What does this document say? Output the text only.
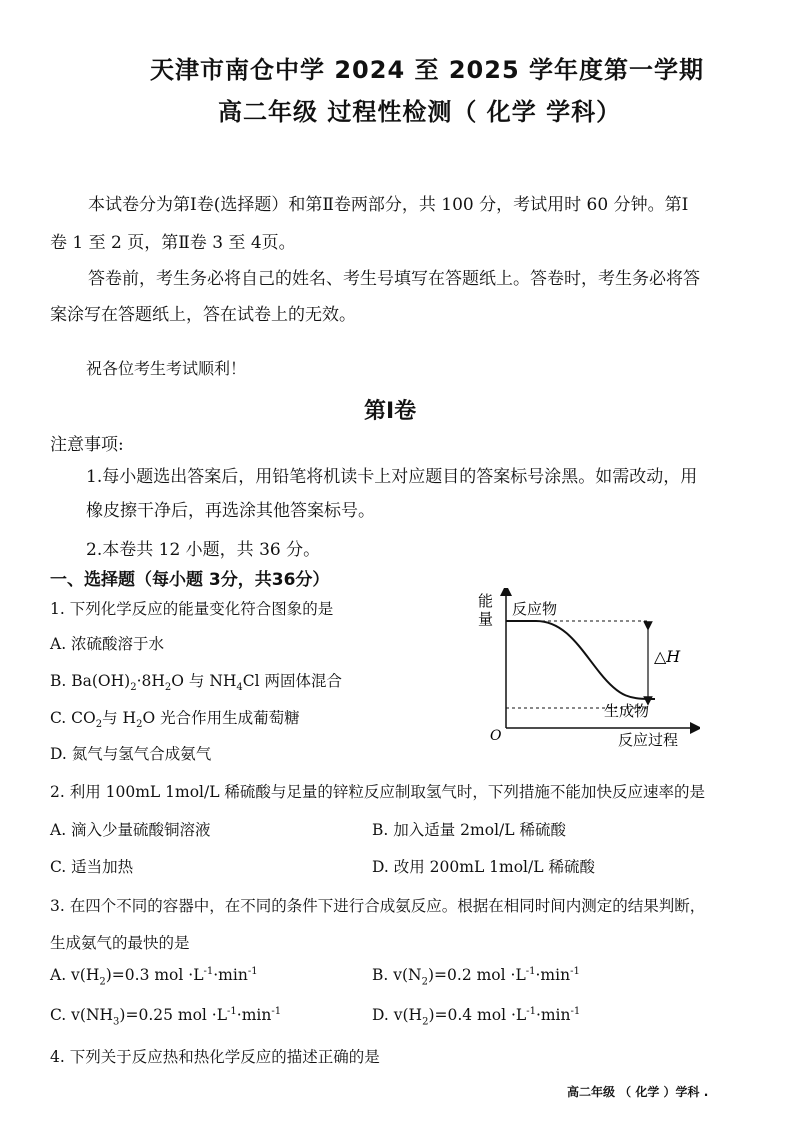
天津市南仓中学 2024 至 2025 学年度第一学期
高二年级 过程性检测（ 化学 学科）
本试卷分为第Ⅰ卷(选择题）和第Ⅱ卷两部分，共 100 分，考试用时 60 分钟。第Ⅰ
卷 1 至 2 页，第Ⅱ卷 3 至 4页。
答卷前，考生务必将自己的姓名、考生号填写在答题纸上。答卷时，考生务必将答
案涂写在答题纸上，答在试卷上的无效。
祝各位考生考试顺利！
第Ⅰ卷
注意事项:
1.每小题选出答案后，用铅笔将机读卡上对应题目的答案标号涂黑。如需改动，用
橡皮擦干净后，再选涂其他答案标号。
2.本卷共 12 小题，共 36 分。
一、选择题（每小题 3分，共36分）
1. 下列化学反应的能量变化符合图象的是
A. 浓硫酸溶于水
B. $Ba(OH)_2\cdot 8H_2O$ 与 $NH_4Cl$ 两固体混合
C. $CO_2$与 $H_2O$ 光合作用生成葡萄糖
D. 氮气与氢气合成氨气
能
量
反应物
生成物
△H
O	反应过程
2. 利用 100mL 1mol/L 稀硫酸与足量的锌粒反应制取氢气时，下列措施不能加快反应速率的是
A. 滴入少量硫酸铜溶液	B. 加入适量 2mol/L 稀硫酸
C. 适当加热	D. 改用 200mL 1mol/L 稀硫酸
3. 在四个不同的容器中，在不同的条件下进行合成氨反应。根据在相同时间内测定的结果判断，
生成氨气的最快的是
A. $v(H_2)=0.3$ mol $\cdot L^{-1}\cdot\min^{-1}$	B. $v(N_2)=0.2$ mol $\cdot L^{-1}\cdot\min^{-1}$
C. $v(NH_3)=0.25$ mol $\cdot L^{-1}\cdot\min^{-1}$	D. $v(H_2)=0.4$ mol $\cdot L^{-1}\cdot\min^{-1}$
4. 下列关于反应热和热化学反应的描述正确的是
高二年级 （ 化学 ）学科 .
